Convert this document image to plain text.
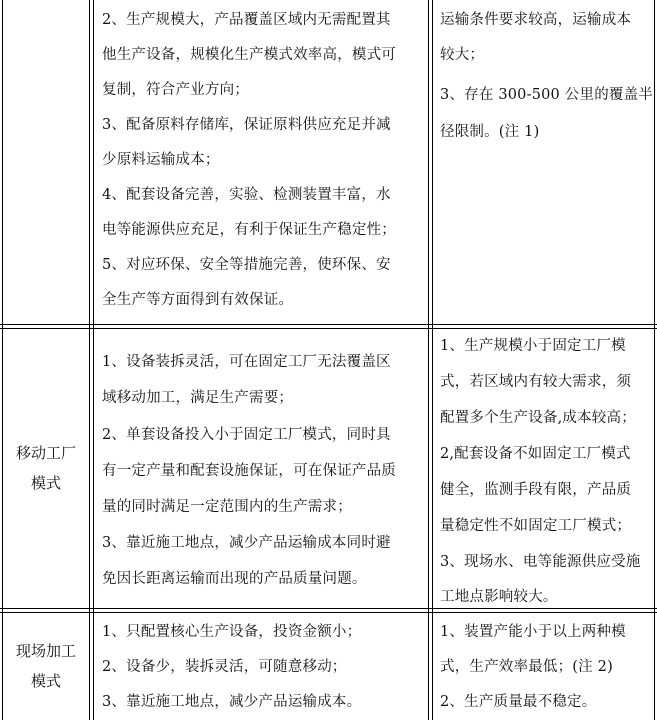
2、生产规模大，产品覆盖区域内无需配置其
他生产设备，规模化生产模式效率高，模式可
复制，符合产业方向；
3、配备原料存储库，保证原料供应充足并减
少原料运输成本；
4、配套设备完善，实验、检测装置丰富，水
电等能源供应充足，有利于保证生产稳定性；
5、对应环保、安全等措施完善，使环保、安
全生产等方面得到有效保证。
运输条件要求较高，运输成本
较大；
3、存在 300-500 公里的覆盖半
径限制。(注 1)
移动工厂
模式
1、设备装拆灵活，可在固定工厂无法覆盖区
域移动加工，满足生产需要；
2、单套设备投入小于固定工厂模式，同时具
有一定产量和配套设施保证，可在保证产品质
量的同时满足一定范围内的生产需求；
3、靠近施工地点，减少产品运输成本同时避
免因长距离运输而出现的产品质量问题。
1、生产规模小于固定工厂模
式，若区域内有较大需求，须
配置多个生产设备,成本较高；
2,配套设备不如固定工厂模式
健全，监测手段有限，产品质
量稳定性不如固定工厂模式；
3、现场水、电等能源供应受施
工地点影响较大。
现场加工
模式
1、只配置核心生产设备，投资金额小；
2、设备少，装拆灵活，可随意移动；
3、靠近施工地点，减少产品运输成本。
1、装置产能小于以上两种模
式，生产效率最低；(注 2)
2、生产质量最不稳定。
